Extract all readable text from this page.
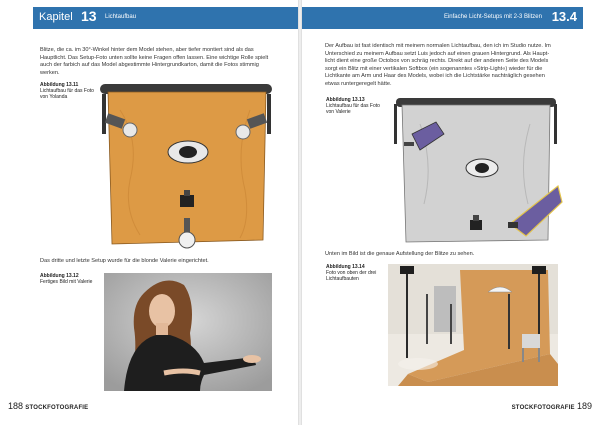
Kapitel 13 Lichtaufbau

Blitze, die ca. im 30°-Winkel hinter dem Model stehen, aber tiefer montiert sind als das
Hauptlicht. Das Setup-Foto unten sollte keine Fragen offen lassen. Eine wichtige Rolle spielt
auch der farbich auf das Model abgestimmte Hintergrundkarton, damit die Fotos stimmig
werken.

Abbildung 13.11
Lichtaufbau für das Foto
von Yolanda
Das dritte und letzte Setup wurde für die blonde Valerie eingerichtet.
Abbildung 13.12
Fertiges Bild mit Valerie
188 STOCKFOTOGRAFIE
Einfache Licht-Setups mit 2-3 Blitzen 13.4

Der Aufbau ist fast identisch mit meinem normalen Lichtaufbau, den ich im Studio nutze. Im
Unterschied zu meinem Aufbau setzt Luis jedoch auf einen grauen Hintergrund. Als Haupt-
licht dient eine große Octobox von schräg rechts. Direkt auf der anderen Seite des Models
sorgt ein Blitz mit einer vertikalen Softbox (ein sogenanntes »Strip-Light«) wieder für die
Lichtkante am Arm und Haar des Models, wobei ich die Lichtstärke nachträglich gesehen
etwas runtergeregelt hätte.

Abbildung 13.13
Lichtaufbau für das Foto
von Valerie
Unten im Bild ist die genaue Aufstellung der Blitze zu sehen.
Abbildung 13.14
Foto von oben der drei
Lichtaufbauten
STOCKFOTOGRAFIE 189
